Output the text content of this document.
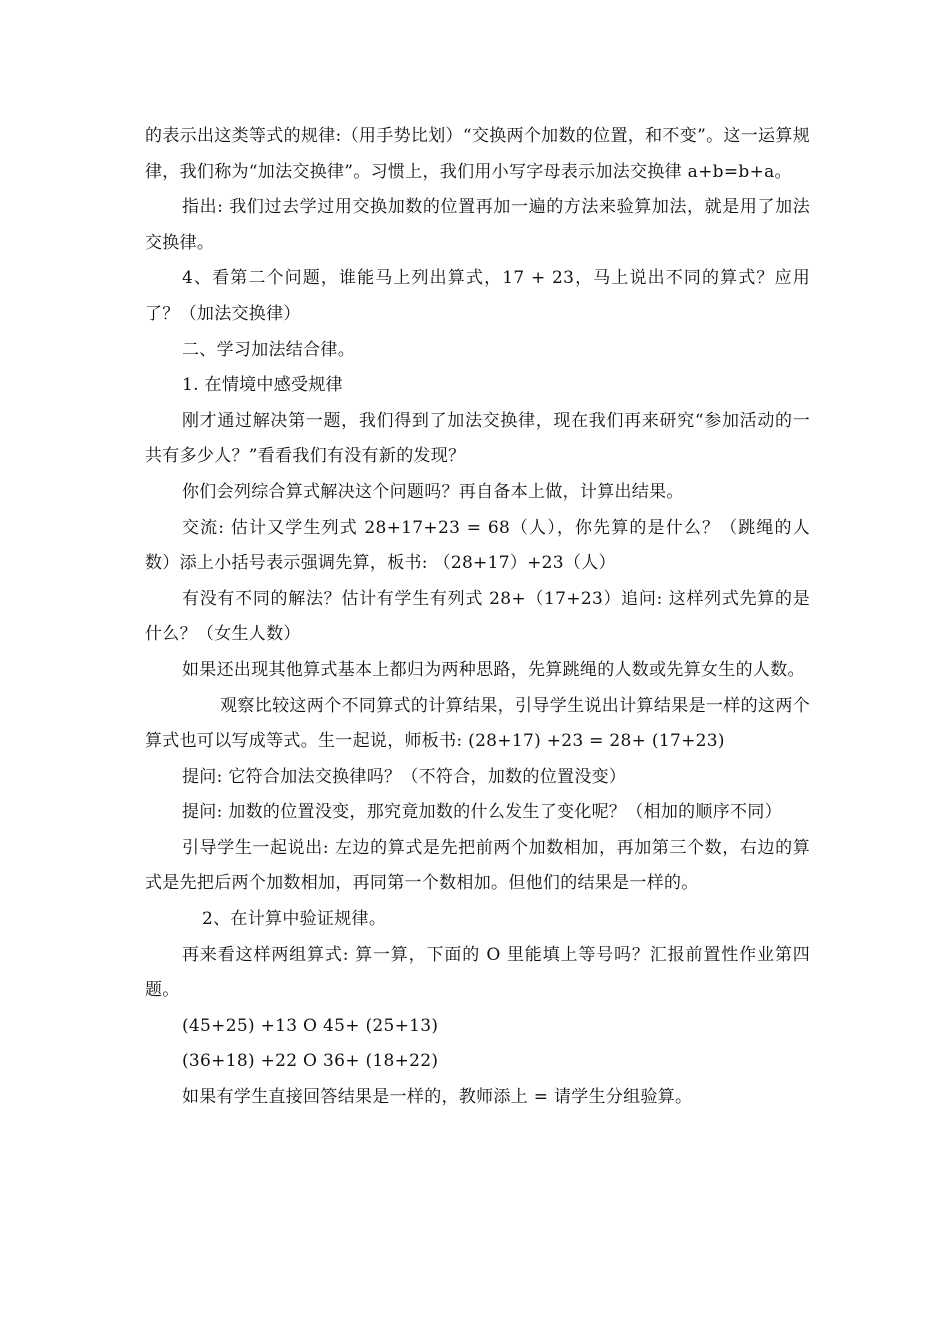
的表示出这类等式的规律:（用手势比划）“交换两个加数的位置，和不变”。这一运算规律，我们称为“加法交换律”。习惯上，我们用小写字母表示加法交换律 a+b=b+a。

指出: 我们过去学过用交换加数的位置再加一遍的方法来验算加法，就是用了加法交换律。

4、看第二个问题，谁能马上列出算式，17 + 23，马上说出不同的算式？应用了？（加法交换律）

二、学习加法结合律。

1. 在情境中感受规律

刚才通过解决第一题，我们得到了加法交换律，现在我们再来研究“参加活动的一共有多少人？”看看我们有没有新的发现？

你们会列综合算式解决这个问题吗？再自备本上做，计算出结果。

交流: 估计又学生列式 28+17+23 = 68（人），你先算的是什么？（跳绳的人数）添上小括号表示强调先算，板书: （28+17）+23（人）

有没有不同的解法？估计有学生有列式 28+（17+23）追问: 这样列式先算的是什么？（女生人数）

如果还出现其他算式基本上都归为两种思路，先算跳绳的人数或先算女生的人数。

观察比较这两个不同算式的计算结果，引导学生说出计算结果是一样的这两个算式也可以写成等式。生一起说，师板书: (28+17) +23 = 28+ (17+23)

提问: 它符合加法交换律吗？（不符合，加数的位置没变）

提问: 加数的位置没变，那究竟加数的什么发生了变化呢？（相加的顺序不同）

引导学生一起说出: 左边的算式是先把前两个加数相加，再加第三个数，右边的算式是先把后两个加数相加，再同第一个数相加。但他们的结果是一样的。

2、在计算中验证规律。

再来看这样两组算式: 算一算，下面的 O 里能填上等号吗？汇报前置性作业第四题。

(45+25) +13 O 45+ (25+13)

(36+18) +22 O 36+ (18+22)

如果有学生直接回答结果是一样的，教师添上 = 请学生分组验算。
